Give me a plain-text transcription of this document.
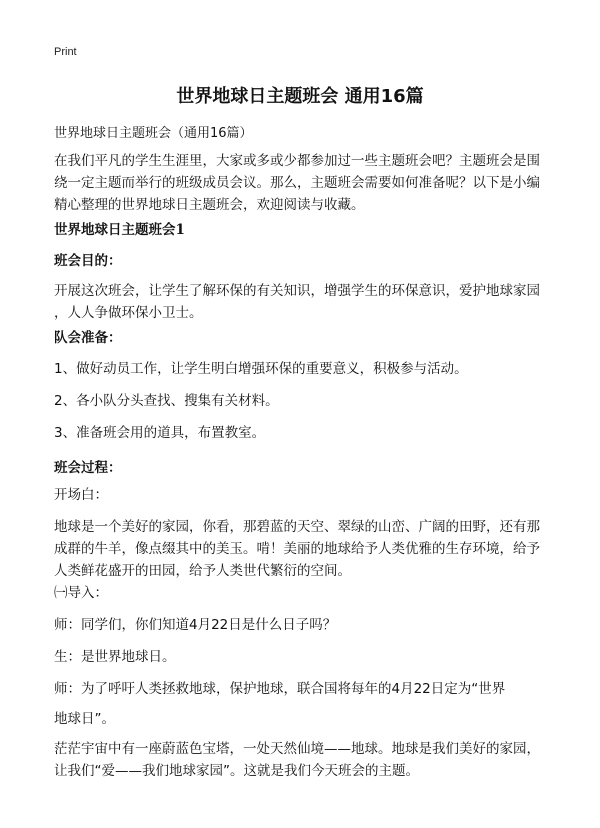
Print
世界地球日主题班会 通用16篇
世界地球日主题班会（通用16篇）
在我们平凡的学生生涯里，大家或多或少都参加过一些主题班会吧？主题班会是围
绕一定主题而举行的班级成员会议。那么，主题班会需要如何准备呢？以下是小编
精心整理的世界地球日主题班会，欢迎阅读与收藏。
世界地球日主题班会1
班会目的：
开展这次班会，让学生了解环保的有关知识，增强学生的环保意识，爱护地球家园
，人人争做环保小卫士。
队会准备：
1、做好动员工作，让学生明白增强环保的重要意义，积极参与活动。
2、各小队分头查找、搜集有关材料。
3、准备班会用的道具，布置教室。
班会过程：
开场白：
地球是一个美好的家园，你看，那碧蓝的天空、翠绿的山峦、广阔的田野，还有那
成群的牛羊，像点缀其中的美玉。啃！美丽的地球给予人类优雅的生存环境，给予
人类鲜花盛开的田园，给予人类世代繁衍的空间。
㈠导入：
师：同学们，你们知道4月22日是什么日子吗？
生：是世界地球日。
师：为了呼吁人类拯救地球，保护地球，联合国将每年的4月22日定为“世界
地球日”。
茫茫宇宙中有一座蔚蓝色宝塔，一处天然仙境——地球。地球是我们美好的家园，
让我们“爱——我们地球家园”。这就是我们今天班会的主题。
